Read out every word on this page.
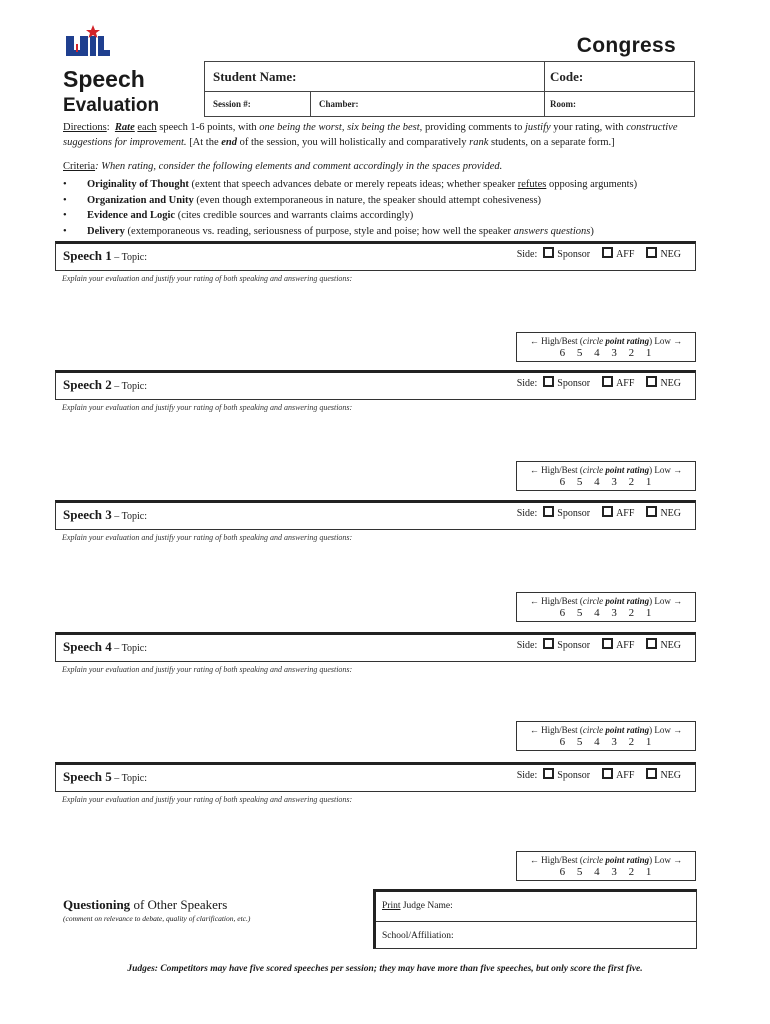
Congress
Speech
Evaluation
Student Name:	Code:
Session #:	Chamber:	Room:
Directions: Rate each speech 1-6 points, with one being the worst, six being the best, providing comments to justify your rating, with constructive suggestions for improvement. [At the end of the session, you will holistically and comparatively rank students, on a separate form.]
Criteria: When rating, consider the following elements and comment accordingly in the spaces provided.
• Originality of Thought (extent that speech advances debate or merely repeats ideas; whether speaker refutes opposing arguments)
• Organization and Unity (even though extemporaneous in nature, the speaker should attempt cohesiveness)
• Evidence and Logic (cites credible sources and warrants claims accordingly)
• Delivery (extemporaneous vs. reading, seriousness of purpose, style and poise; how well the speaker answers questions)
Speech 1 – Topic:	Side:	Sponsor	AFF	NEG
Explain your evaluation and justify your rating of both speaking and answering questions:
← High/Best (circle point rating) Low →
6 5 4 3 2 1
Speech 2 – Topic:	Side:	Sponsor	AFF	NEG
Explain your evaluation and justify your rating of both speaking and answering questions:
← High/Best (circle point rating) Low →
6 5 4 3 2 1
Speech 3 – Topic:	Side:	Sponsor	AFF	NEG
Explain your evaluation and justify your rating of both speaking and answering questions:
← High/Best (circle point rating) Low →
6 5 4 3 2 1
Speech 4 – Topic:	Side:	Sponsor	AFF	NEG
Explain your evaluation and justify your rating of both speaking and answering questions:
← High/Best (circle point rating) Low →
6 5 4 3 2 1
Speech 5 – Topic:	Side:	Sponsor	AFF	NEG
Explain your evaluation and justify your rating of both speaking and answering questions:
← High/Best (circle point rating) Low →
6 5 4 3 2 1
Questioning of Other Speakers
(comment on relevance to debate, quality of clarification, etc.)
Print Judge Name:
School/Affiliation:
Judges: Competitors may have five scored speeches per session; they may have more than five speeches, but only score the first five.
